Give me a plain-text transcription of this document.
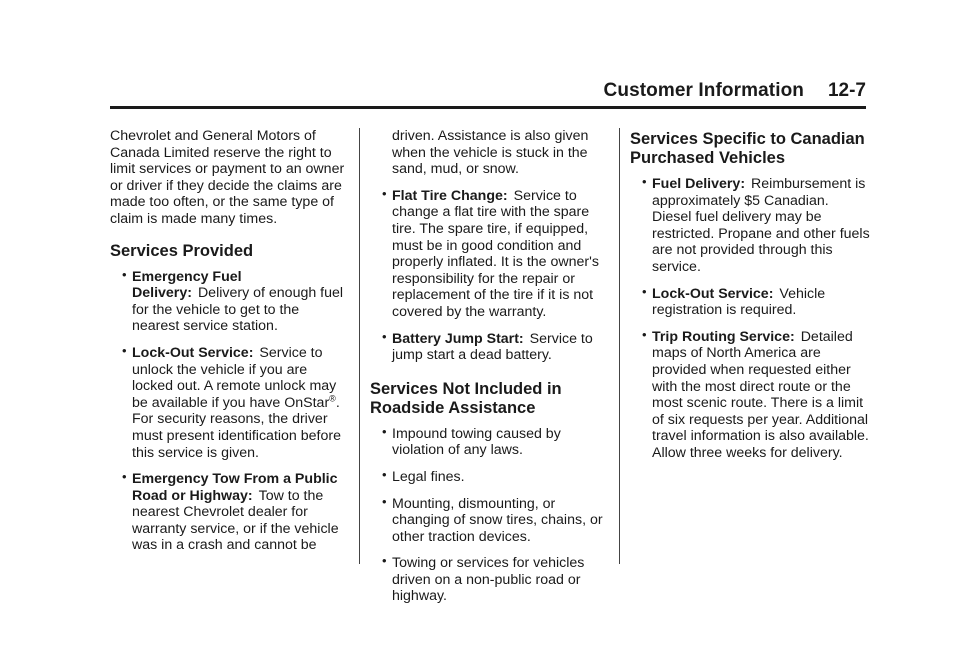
Customer Information 12-7

Chevrolet and General Motors of Canada Limited reserve the right to limit services or payment to an owner or driver if they decide the claims are made too often, or the same type of claim is made many times.

Services Provided
• Emergency Fuel Delivery: Delivery of enough fuel for the vehicle to get to the nearest service station.
• Lock-Out Service: Service to unlock the vehicle if you are locked out. A remote unlock may be available if you have OnStar®. For security reasons, the driver must present identification before this service is given.
• Emergency Tow From a Public Road or Highway: Tow to the nearest Chevrolet dealer for warranty service, or if the vehicle was in a crash and cannot be
driven. Assistance is also given when the vehicle is stuck in the sand, mud, or snow.
• Flat Tire Change: Service to change a flat tire with the spare tire. The spare tire, if equipped, must be in good condition and properly inflated. It is the owner's responsibility for the repair or replacement of the tire if it is not covered by the warranty.
• Battery Jump Start: Service to jump start a dead battery.
Services Not Included in Roadside Assistance
• Impound towing caused by violation of any laws.
• Legal fines.
• Mounting, dismounting, or changing of snow tires, chains, or other traction devices.
• Towing or services for vehicles driven on a non-public road or highway.
Services Specific to Canadian Purchased Vehicles
• Fuel Delivery: Reimbursement is approximately $5 Canadian. Diesel fuel delivery may be restricted. Propane and other fuels are not provided through this service.
• Lock-Out Service: Vehicle registration is required.
• Trip Routing Service: Detailed maps of North America are provided when requested either with the most direct route or the most scenic route. There is a limit of six requests per year. Additional travel information is also available. Allow three weeks for delivery.
